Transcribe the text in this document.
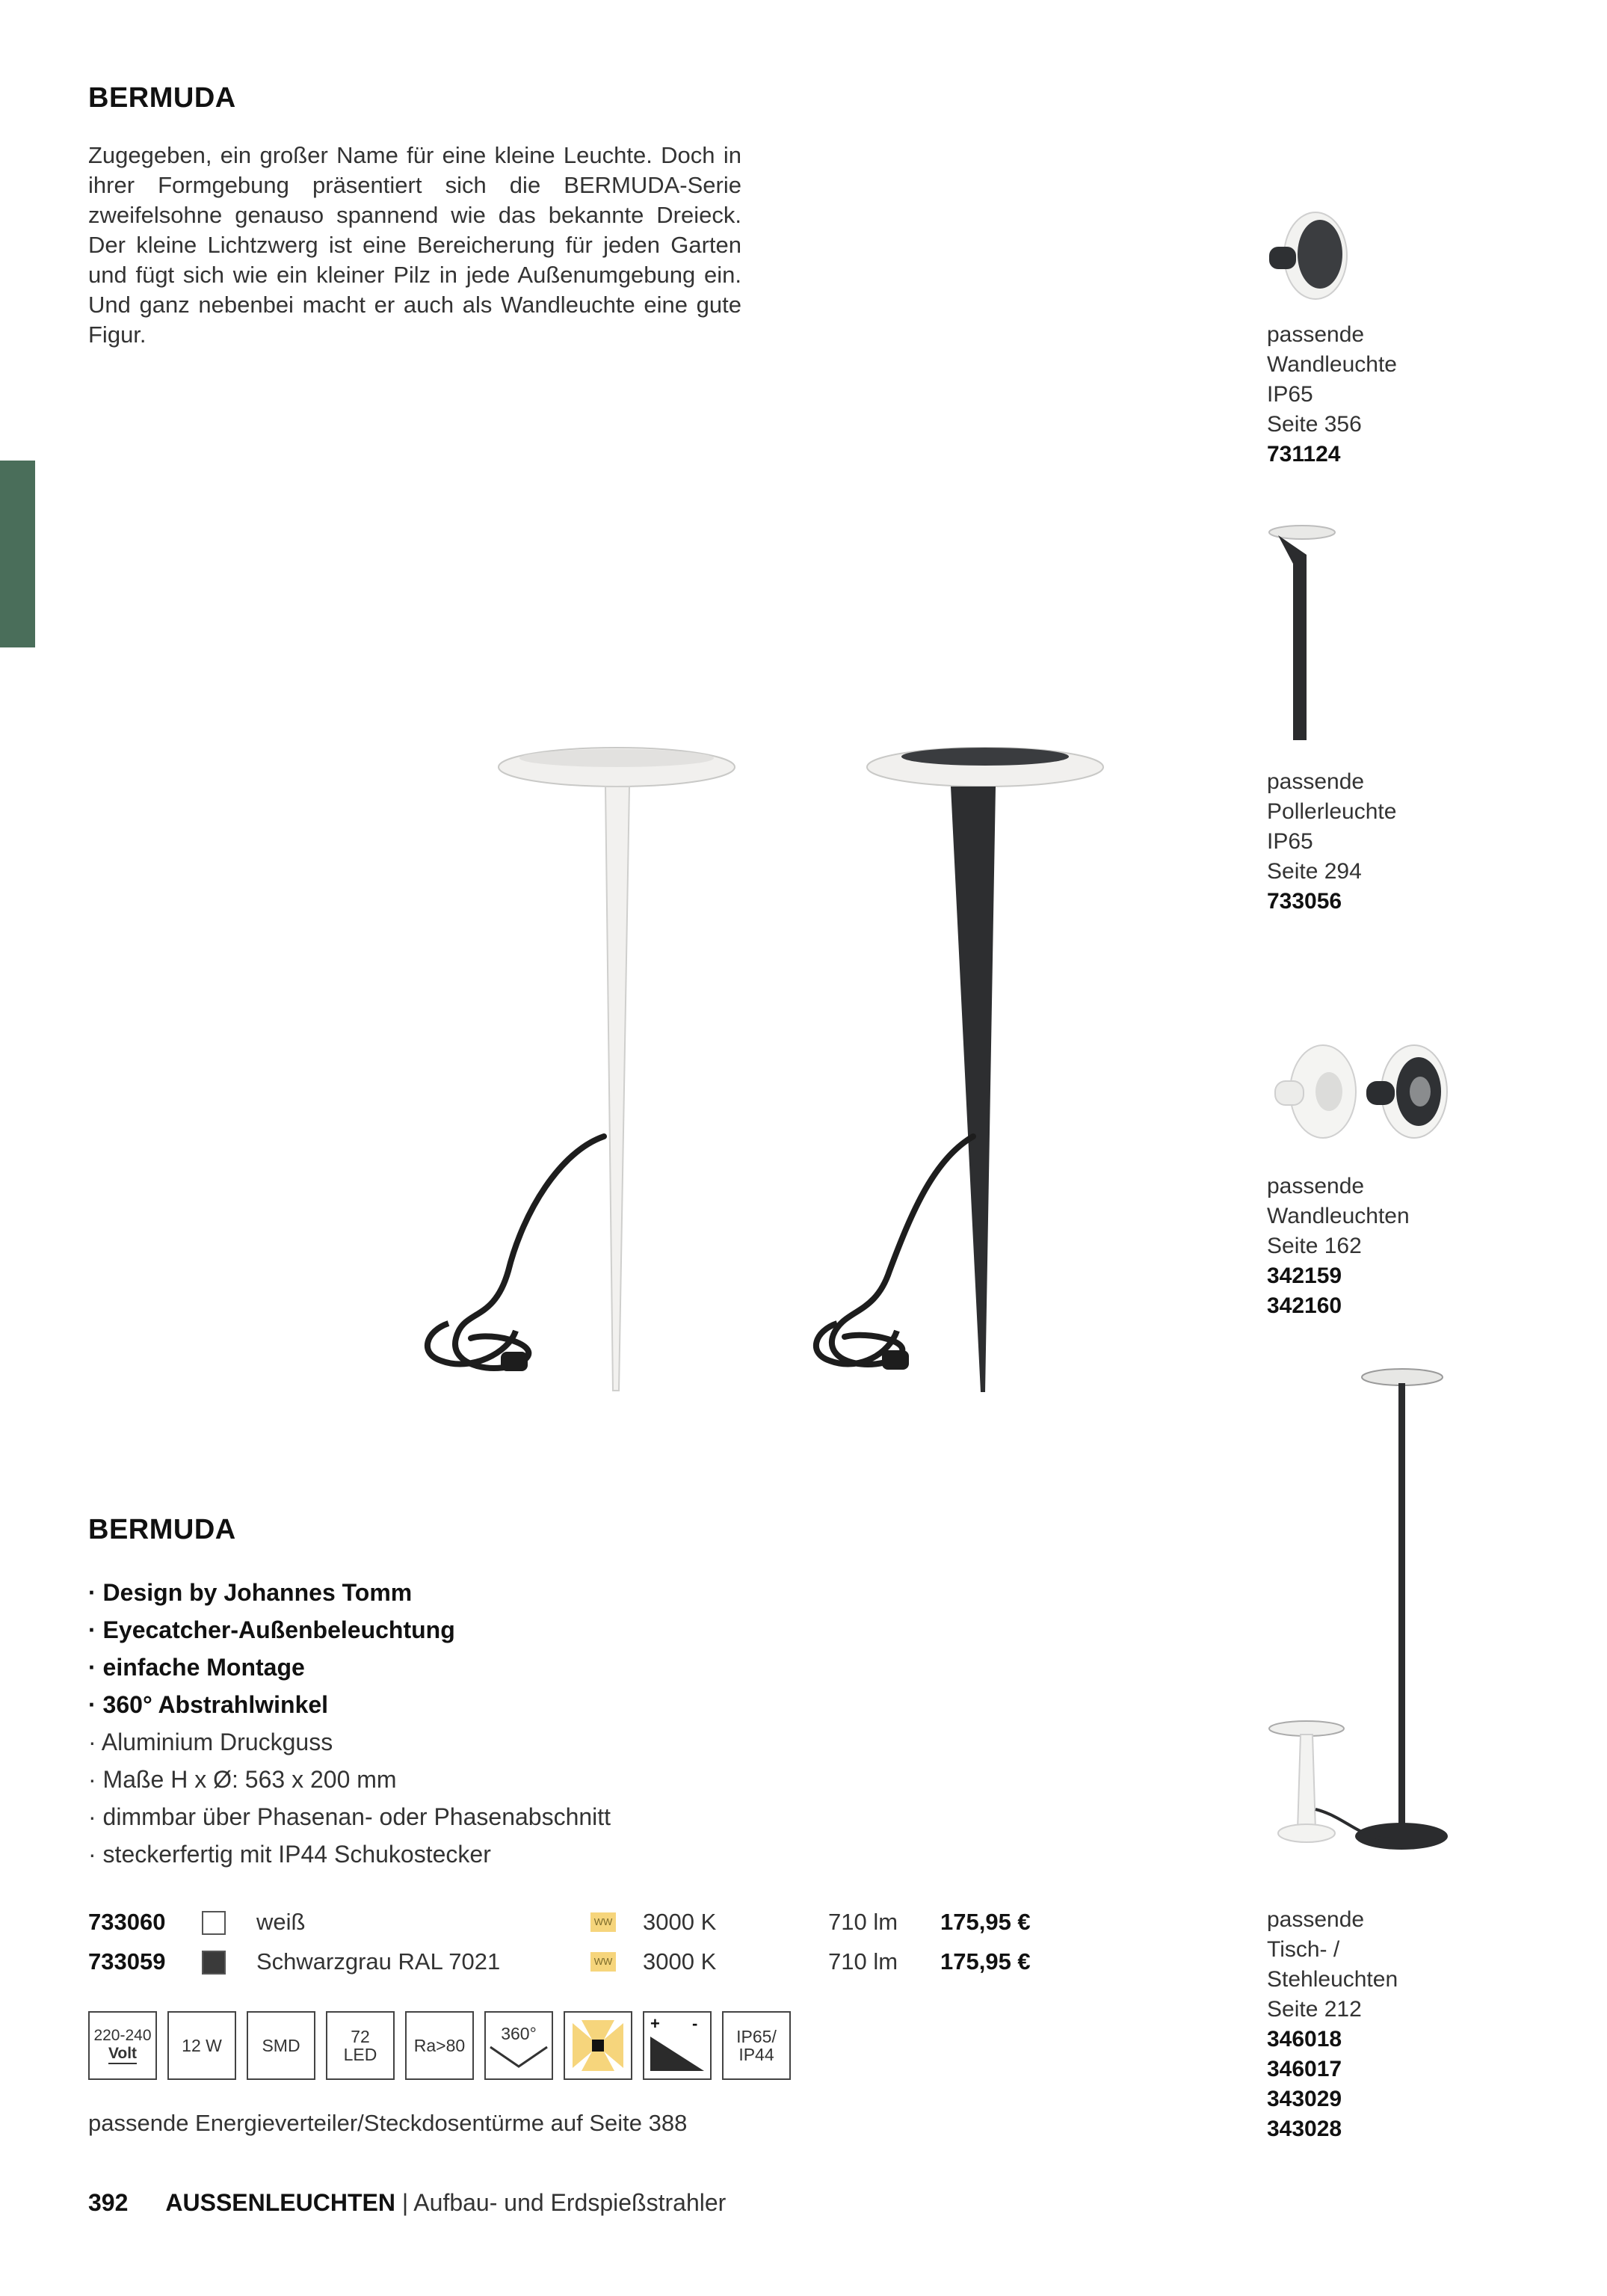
BERMUDA
Zugegeben, ein großer Name für eine kleine Leuchte. Doch in ihrer Formgebung präsentiert sich die BERMUDA-Serie zweifelsohne genauso spannend wie das bekannte Dreieck. Der kleine Lichtzwerg ist eine Bereicherung für jeden Garten und fügt sich wie ein kleiner Pilz in jede Außenumgebung ein. Und ganz nebenbei macht er auch als Wandleuchte eine gute Figur.	passende
Wandleuchte
IP65
Seite 356
731124
passende
Pollerleuchte
IP65
Seite 294
733056
passende
Wandleuchten
Seite 162
342159
342160
passende
Tisch- /
Stehleuchten
Seite 212
346018
346017
343029
343028
BERMUDA
· Design by Johannes Tomm
· Eyecatcher-Außenbeleuchtung
· einfache Montage
· 360° Abstrahlwinkel
· Aluminium Druckguss
· Maße H x Ø: 563 x 200 mm
· dimmbar über Phasenan- oder Phasenabschnitt
· steckerfertig mit IP44 Schukostecker
733060	weiß	WW 3000 K	710 lm 175,95 €
733059	Schwarzgrau RAL 7021	WW 3000 K	710 lm 175,95 €
220-240
Volt	12 W SMD	72
LED Ra>80
360°
+ -
IP65/
IP44
passende Energieverteiler/Steckdosentürme auf Seite 388
392 AUSSENLEUCHTEN | Aufbau- und Erdspießstrahler
